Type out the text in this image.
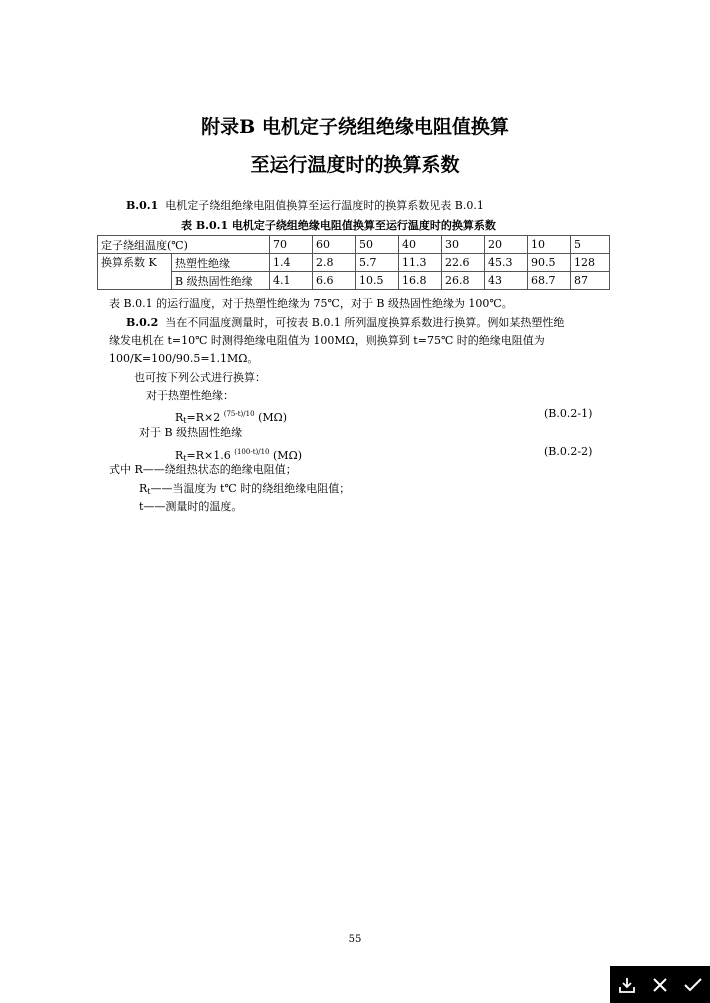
附录B 电机定子绕组绝缘电阻值换算
至运行温度时的换算系数
B.0.1 电机定子绕组绝缘电阻值换算至运行温度时的换算系数见表 B.0.1
表 B.0.1 电机定子绕组绝缘电阻值换算至运行温度时的换算系数
定子绕组温度(℃)		70	60	50	40	30	20	10	5
换算系数 K	热塑性绝缘	1.4	2.8	5.7	11.3	22.6	45.3	90.5	128
	B 级热固性绝缘	4.1	6.6	10.5	16.8	26.8	43	68.7	87
表 B.0.1 的运行温度，对于热塑性绝缘为 75℃，对于 B 级热固性绝缘为 100℃。
B.0.2 当在不同温度测量时，可按表 B.0.1 所列温度换算系数进行换算。例如某热塑性绝
缘发电机在 t=10℃ 时测得绝缘电阻值为 100MΩ，则换算到 t=75℃ 时的绝缘电阻值为
100/K=100/90.5=1.1MΩ。
也可按下列公式进行换算：
对于热塑性绝缘：
$R_t=R\times 2$ $^{(75-t)/10}$ (MΩ)	(B.0.2-1)
对于 B 级热固性绝缘
$R_t=R\times 1.6$ $^{(100-t)/10}$ (MΩ)	(B.0.2-2)
式中 R——绕组热状态的绝缘电阻值；
$R_t——$当温度为 t℃ 时的绕组绝缘电阻值；
t——测量时的温度。
55
